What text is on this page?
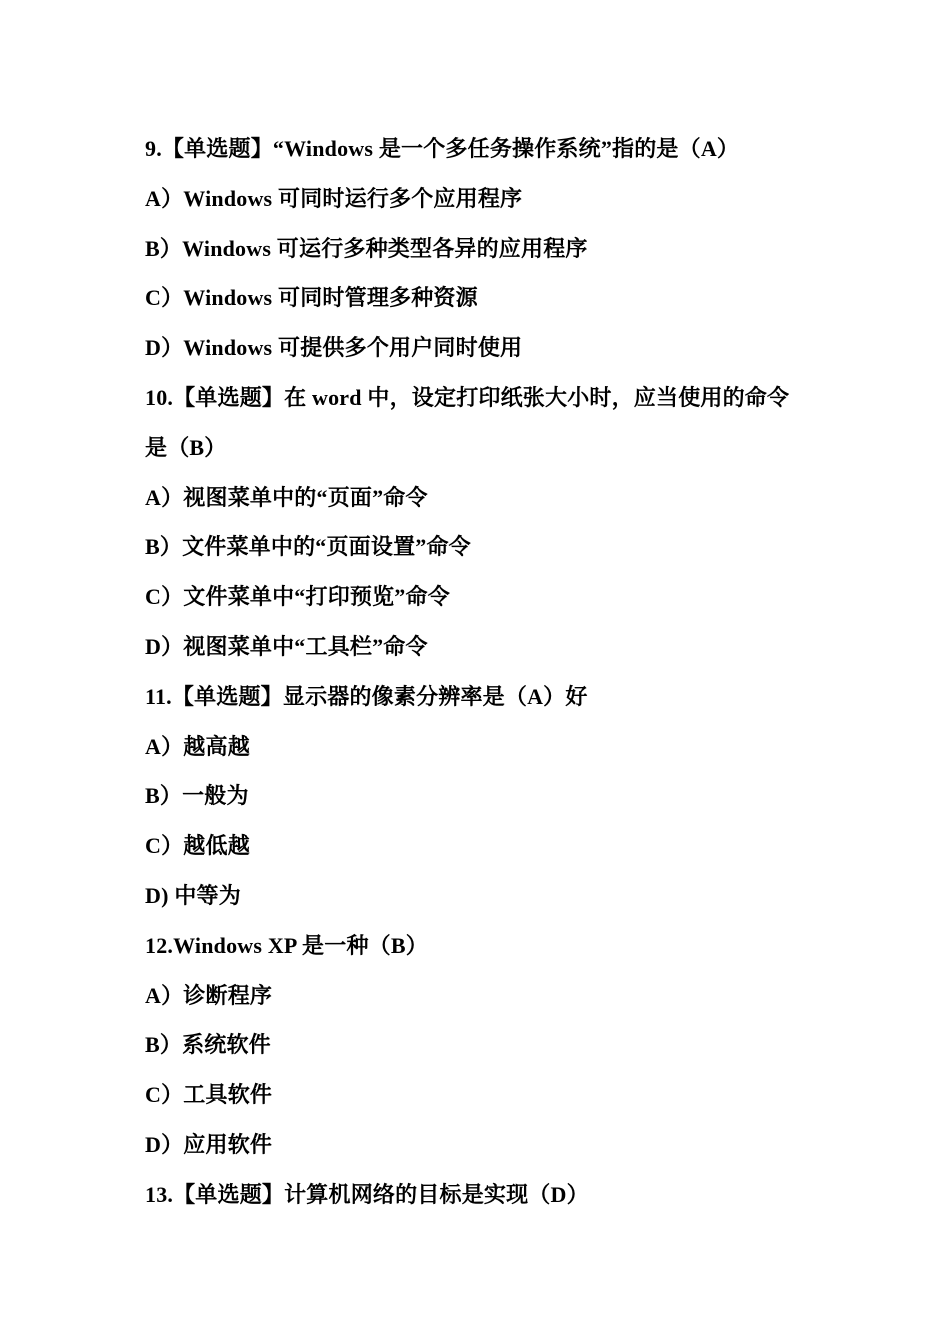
9.【单选题】“Windows 是一个多任务操作系统”指的是（A）
A）Windows 可同时运行多个应用程序
B）Windows 可运行多种类型各异的应用程序
C）Windows 可同时管理多种资源
D）Windows 可提供多个用户同时使用
10.【单选题】在 word 中，设定打印纸张大小时，应当使用的命令
是（B）
A）视图菜单中的“页面”命令
B）文件菜单中的“页面设置”命令
C）文件菜单中“打印预览”命令
D）视图菜单中“工具栏”命令
11.【单选题】显示器的像素分辨率是（A）好
A）越高越
B）一般为
C）越低越
D) 中等为
12.Windows XP 是一种（B）
A）诊断程序
B）系统软件
C）工具软件
D）应用软件
13.【单选题】计算机网络的目标是实现（D）
